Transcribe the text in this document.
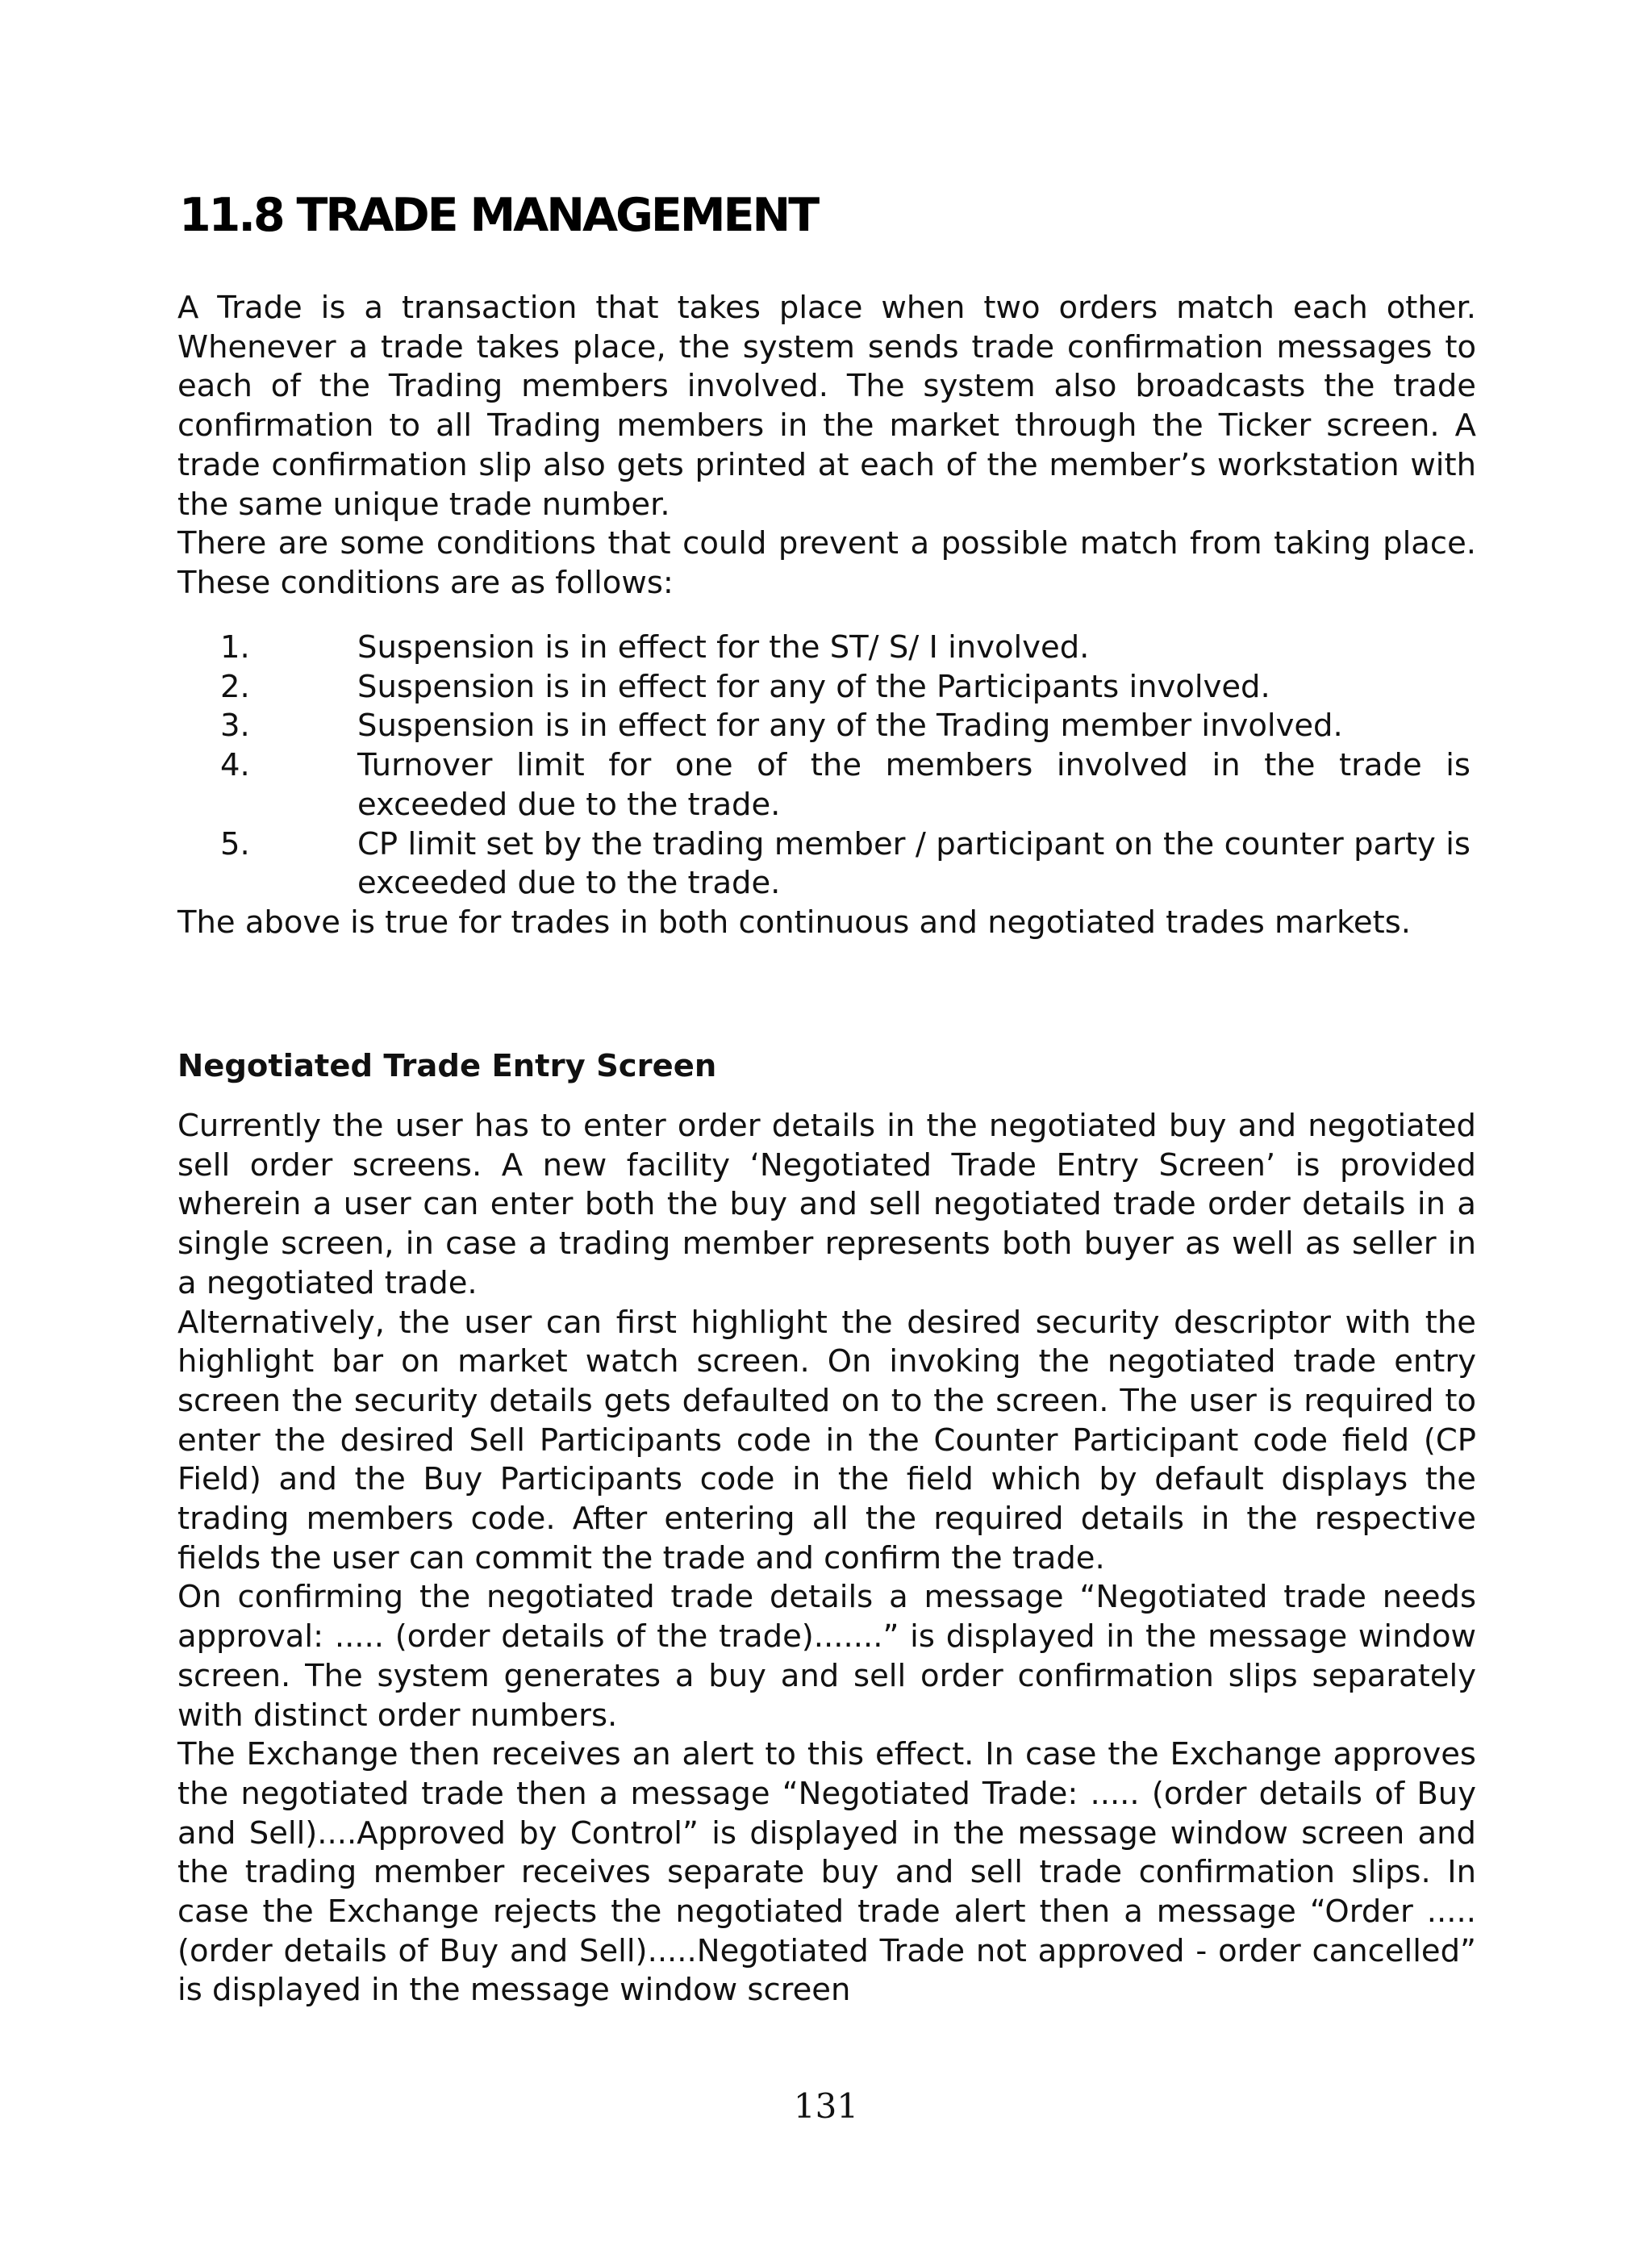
11.8 TRADE MANAGEMENT

A Trade is a transaction that takes place when two orders match each other. Whenever a trade takes place, the system sends trade confirmation messages to each of the Trading members involved. The system also broadcasts the trade confirmation to all Trading members in the market through the Ticker screen. A trade confirmation slip also gets printed at each of the member’s workstation with the same unique trade number.

There are some conditions that could prevent a possible match from taking place. These conditions are as follows:

1.	Suspension is in effect for the ST/ S/ I involved.
2.	Suspension is in effect for any of the Participants involved.
3.	Suspension is in effect for any of the Trading member involved.
4.	Turnover limit for one of the members involved in the trade is exceeded due to the trade.
5.	CP limit set by the trading member / participant on the counter party is exceeded due to the trade.

The above is true for trades in both continuous and negotiated trades markets.

Negotiated Trade Entry Screen

Currently the user has to enter order details in the negotiated buy and negotiated sell order screens. A new facility ‘Negotiated Trade Entry Screen’ is provided wherein a user can enter both the buy and sell negotiated trade order details in a single screen, in case a trading member represents both buyer as well as seller in a negotiated trade.

Alternatively, the user can first highlight the desired security descriptor with the highlight bar on market watch screen. On invoking the negotiated trade entry screen the security details gets defaulted on to the screen. The user is required to enter the desired Sell Participants code in the Counter Participant code field (CP Field) and the Buy Participants code in the field which by default displays the trading members code. After entering all the required details in the respective fields the user can commit the trade and confirm the trade.

On confirming the negotiated trade details a message “Negotiated trade needs approval: ..... (order details of the trade).......” is displayed in the message window screen. The system generates a buy and sell order confirmation slips separately with distinct order numbers.

The Exchange then receives an alert to this effect. In case the Exchange approves the negotiated trade then a message “Negotiated Trade: ..... (order details of Buy and Sell)....Approved by Control” is displayed in the message window screen and the trading member receives separate buy and sell trade confirmation slips. In case the Exchange rejects the negotiated trade alert then a message “Order .....(order details of Buy and Sell).....Negotiated Trade not approved - order cancelled” is displayed in the message window screen

131
